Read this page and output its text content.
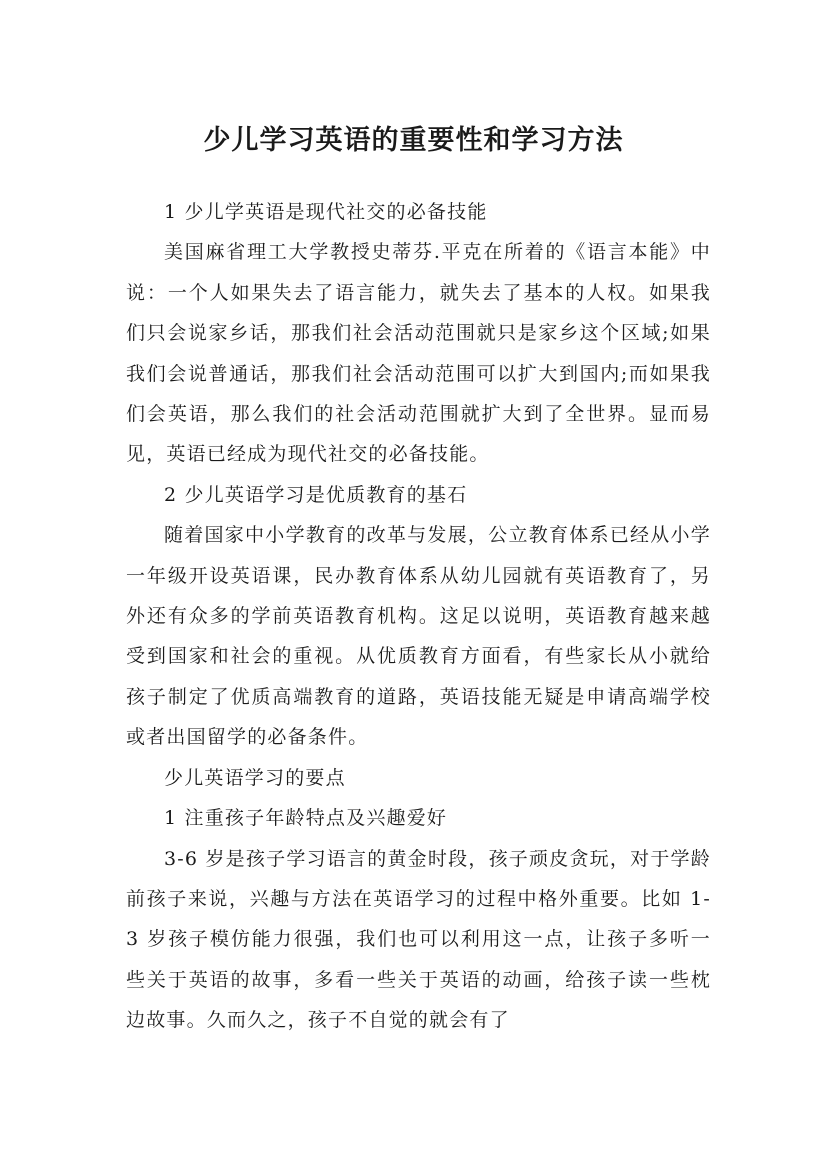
少儿学习英语的重要性和学习方法

1 少儿学英语是现代社交的必备技能

美国麻省理工大学教授史蒂芬.平克在所着的《语言本能》中说：一个人如果失去了语言能力，就失去了基本的人权。如果我们只会说家乡话，那我们社会活动范围就只是家乡这个区域;如果我们会说普通话，那我们社会活动范围可以扩大到国内;而如果我们会英语，那么我们的社会活动范围就扩大到了全世界。显而易见，英语已经成为现代社交的必备技能。

2 少儿英语学习是优质教育的基石

随着国家中小学教育的改革与发展，公立教育体系已经从小学一年级开设英语课，民办教育体系从幼儿园就有英语教育了，另外还有众多的学前英语教育机构。这足以说明，英语教育越来越受到国家和社会的重视。从优质教育方面看，有些家长从小就给孩子制定了优质高端教育的道路，英语技能无疑是申请高端学校或者出国留学的必备条件。

少儿英语学习的要点

1 注重孩子年龄特点及兴趣爱好

3-6 岁是孩子学习语言的黄金时段，孩子顽皮贪玩，对于学龄前孩子来说，兴趣与方法在英语学习的过程中格外重要。比如 1-3 岁孩子模仿能力很强，我们也可以利用这一点，让孩子多听一些关于英语的故事，多看一些关于英语的动画，给孩子读一些枕边故事。久而久之，孩子不自觉的就会有了
